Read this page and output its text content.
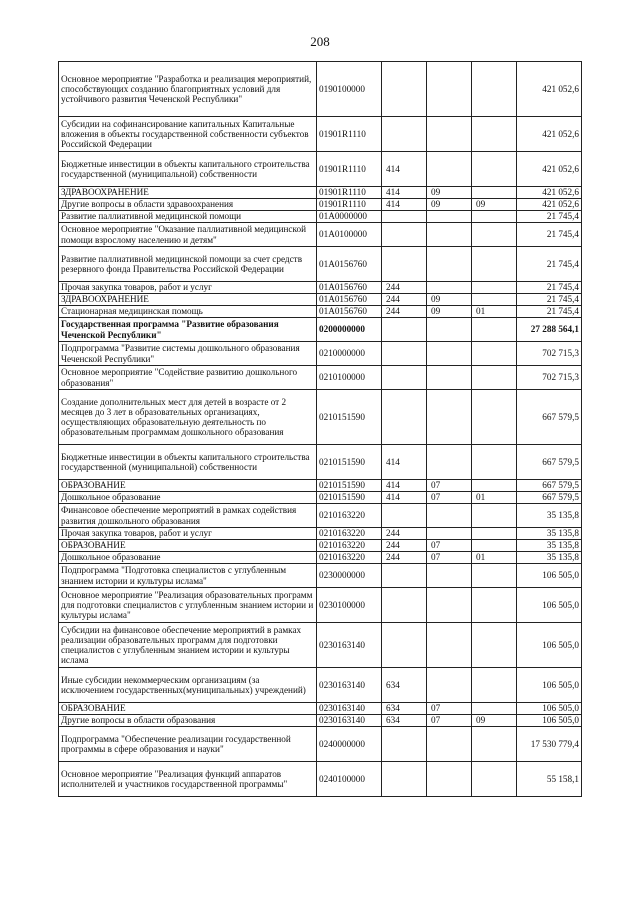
208
Основное мероприятие "Разработка и реализация мероприятий, способствующих созданию благоприятных условий для устойчивого развития Чеченской Республики"	0190100000				421 052,6
Субсидии на софинансирование капитальных Капитальные вложения в объекты государственной собственности субъектов Российской Федерации	01901R1110				421 052,6
Бюджетные инвестиции в объекты капитального строительства государственной (муниципальной) собственности	01901R1110	414			421 052,6
ЗДРАВООХРАНЕНИЕ	01901R1110	414	09		421 052,6
Другие вопросы в области здравоохранения	01901R1110	414	09	09	421 052,6
Развитие паллиативной медицинской помощи	01А0000000				21 745,4
Основное мероприятие "Оказание паллиативной медицинской помощи взрослому населению и детям"	01А0100000				21 745,4
Развитие паллиативной медицинской помощи за счет средств резервного фонда Правительства Российской Федерации	01А0156760				21 745,4
Прочая закупка товаров, работ и услуг	01А0156760	244			21 745,4
ЗДРАВООХРАНЕНИЕ	01А0156760	244	09		21 745,4
Стационарная медицинская помощь	01А0156760	244	09	01	21 745,4
Государственная программа "Развитие образования Чеченской Республики"	0200000000				27 288 564,1
Подпрограмма "Развитие системы дошкольного образования Чеченской Республики"	0210000000				702 715,3
Основное мероприятие "Содействие развитию дошкольного образования"	0210100000				702 715,3
Создание дополнительных мест для детей в возрасте от 2 месяцев до 3 лет в образовательных организациях, осуществляющих образовательную деятельность по образовательным программам дошкольного образования	0210151590				667 579,5
Бюджетные инвестиции в объекты капитального строительства государственной (муниципальной) собственности	0210151590	414			667 579,5
ОБРАЗОВАНИЕ	0210151590	414	07		667 579,5
Дошкольное образование	0210151590	414	07	01	667 579,5
Финансовое обеспечение мероприятий в рамках содействия развития дошкольного образования	0210163220				35 135,8
Прочая закупка товаров, работ и услуг	0210163220	244			35 135,8
ОБРАЗОВАНИЕ	0210163220	244	07		35 135,8
Дошкольное образование	0210163220	244	07	01	35 135,8
Подпрограмма "Подготовка специалистов с углубленным знанием истории и культуры ислама"	0230000000				106 505,0
Основное мероприятие "Реализация образовательных программ для подготовки специалистов с углубленным знанием истории и культуры ислама"	0230100000				106 505,0
Субсидии на финансовое обеспечение мероприятий в рамках реализации образовательных программ для подготовки специалистов с углубленным знанием истории и культуры ислама	0230163140				106 505,0
Иные субсидии некоммерческим организациям (за исключением государственных(муниципальных) учреждений)	0230163140	634			106 505,0
ОБРАЗОВАНИЕ	0230163140	634	07		106 505,0
Другие вопросы в области образования	0230163140	634	07	09	106 505,0
Подпрограмма "Обеспечение реализации государственной программы в сфере образования и науки"	0240000000				17 530 779,4
Основное мероприятие "Реализация функций аппаратов исполнителей и участников государственной программы"	0240100000				55 158,1
